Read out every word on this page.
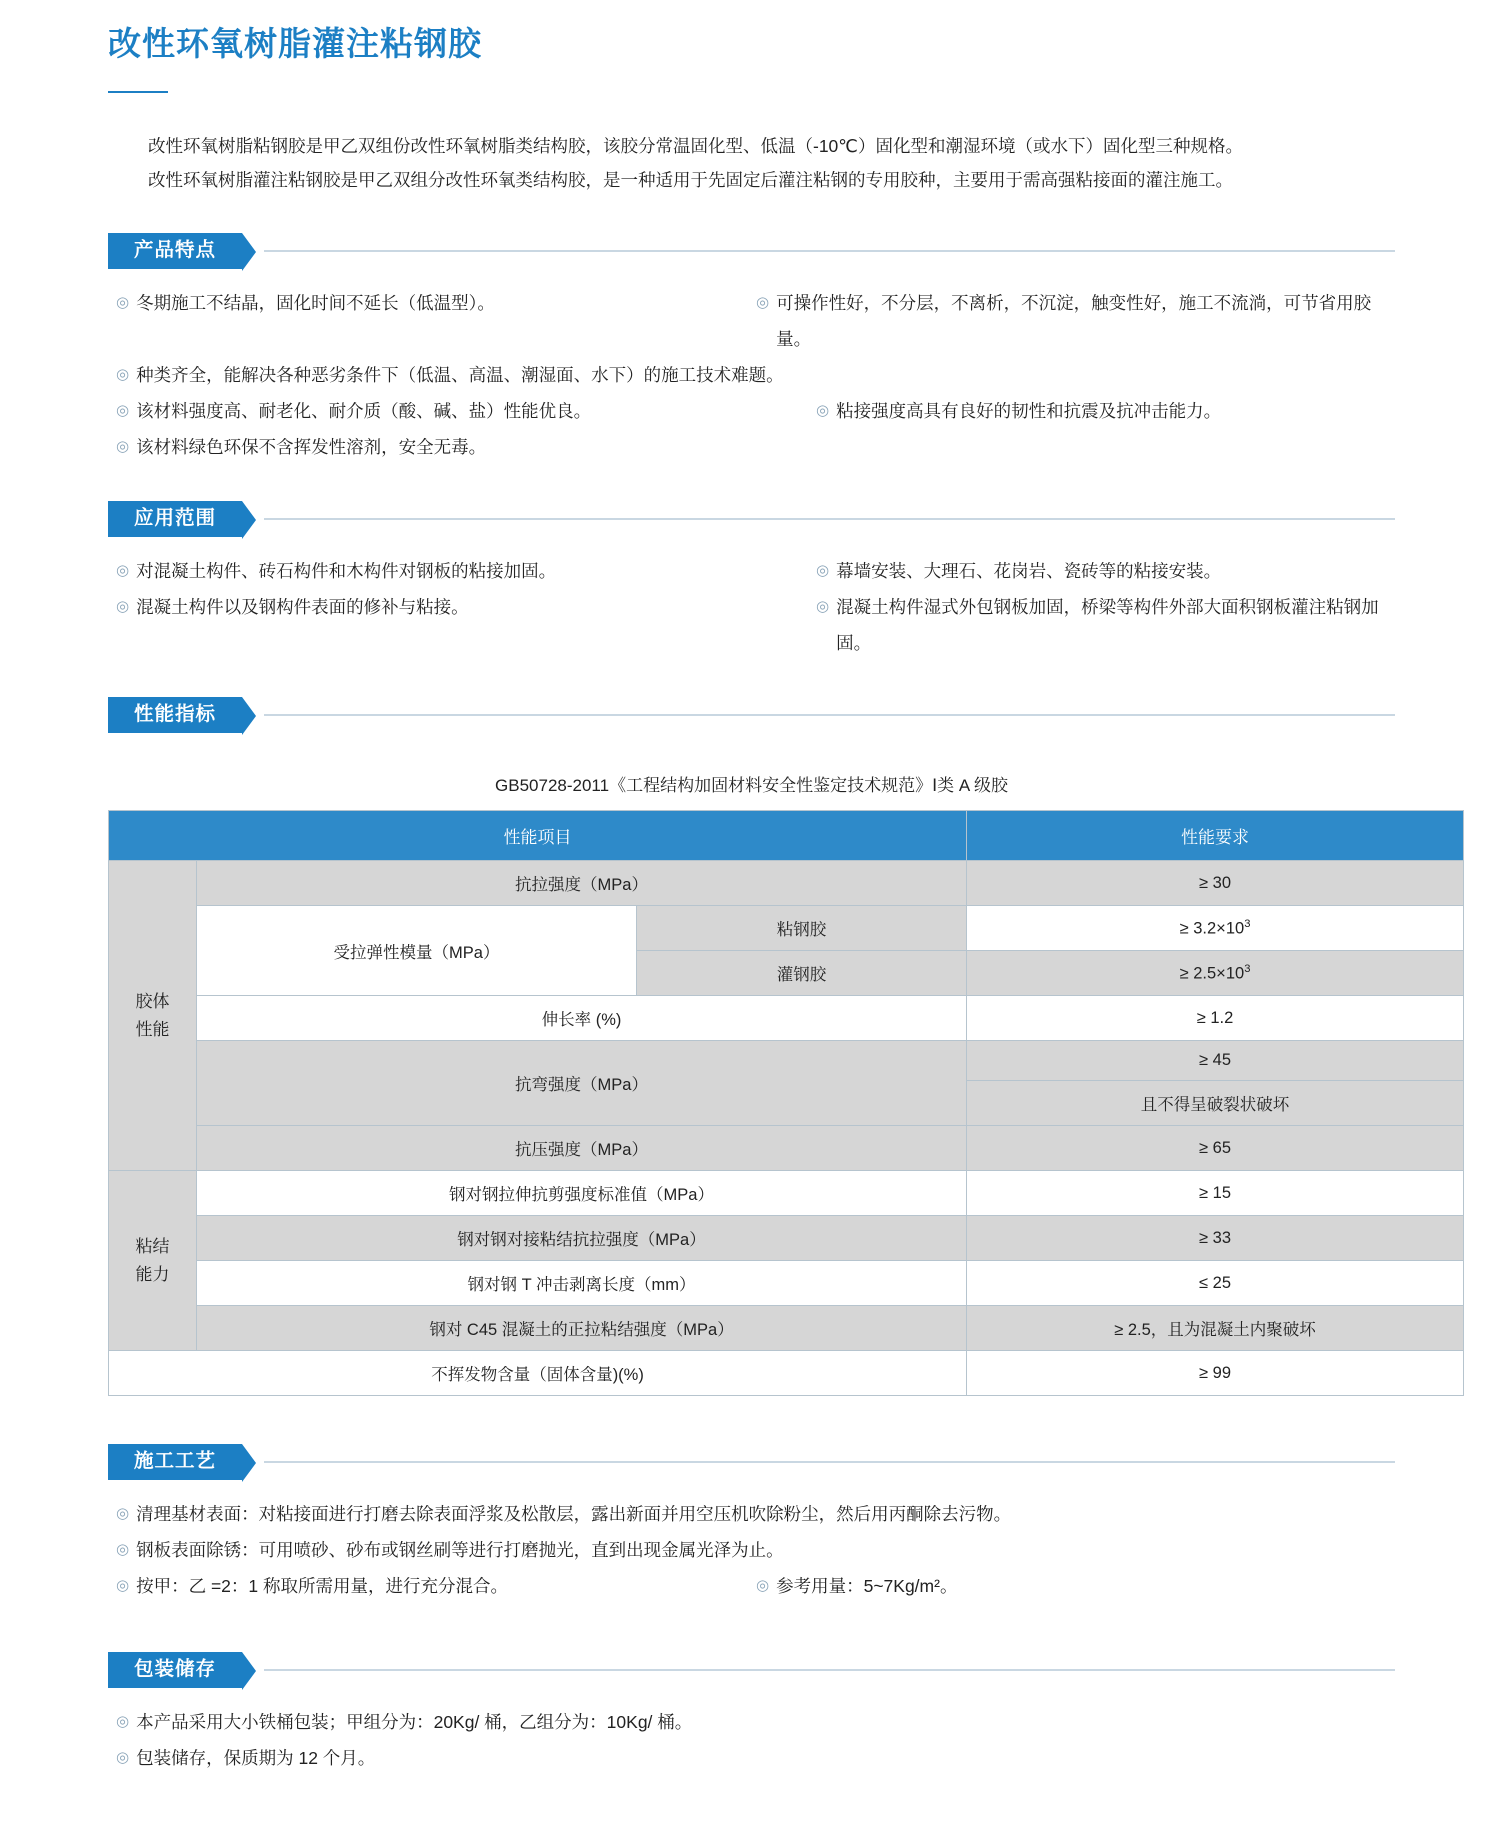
改性环氧树脂灌注粘钢胶

改性环氧树脂粘钢胶是甲乙双组份改性环氧树脂类结构胶，该胶分常温固化型、低温（-10℃）固化型和潮湿环境（或水下）固化型三种规格。

改性环氧树脂灌注粘钢胶是甲乙双组分改性环氧类结构胶，是一种适用于先固定后灌注粘钢的专用胶种，主要用于需高强粘接面的灌注施工。

产品特点
◎ 冬期施工不结晶，固化时间不延长（低温型）。	◎ 可操作性好，不分层，不离析，不沉淀，触变性好，施工不流淌，可节省用胶量。
◎ 种类齐全，能解决各种恶劣条件下（低温、高温、潮湿面、水下）的施工技术难题。
◎ 该材料强度高、耐老化、耐介质（酸、碱、盐）性能优良。	◎ 粘接强度高具有良好的韧性和抗震及抗冲击能力。
◎ 该材料绿色环保不含挥发性溶剂，安全无毒。
应用范围
◎ 对混凝土构件、砖石构件和木构件对钢板的粘接加固。	◎ 幕墙安装、大理石、花岗岩、瓷砖等的粘接安装。
◎ 混凝土构件以及钢构件表面的修补与粘接。	◎ 混凝土构件湿式外包钢板加固，桥梁等构件外部大面积钢板灌注粘钢加固。
性能指标
GB50728-2011《工程结构加固材料安全性鉴定技术规范》Ⅰ类 A 级胶
性能项目			性能要求
胶体
性能	抗拉强度（MPa）		≥ 30
	受拉弹性模量（MPa）	粘钢胶	≥ $3.2\times 10^3$
		灌钢胶	≥ $2.5\times 10^3$
	伸长率 (%)		≥ 1.2
	抗弯强度（MPa）		≥ 45
			且不得呈破裂状破坏
	抗压强度（MPa）		≥ 65
粘结
能力	钢对钢拉伸抗剪强度标准值（MPa）		≥ 15
	钢对钢对接粘结抗拉强度（MPa）		≥ 33
	钢对钢 T 冲击剥离长度（mm）		≤ 25
	钢对 C45 混凝土的正拉粘结强度（MPa）		≥ 2.5，且为混凝土内聚破坏
不挥发物含量（固体含量)(%)			≥ 99
施工工艺
◎ 清理基材表面：对粘接面进行打磨去除表面浮浆及松散层，露出新面并用空压机吹除粉尘，然后用丙酮除去污物。
◎ 钢板表面除锈：可用喷砂、砂布或钢丝刷等进行打磨抛光，直到出现金属光泽为止。
◎ 按甲：乙 =2：1 称取所需用量，进行充分混合。	◎ 参考用量：5~7Kg/m²。
包装储存
◎ 本产品采用大小铁桶包装；甲组分为：20Kg/ 桶，乙组分为：10Kg/ 桶。
◎ 包装储存，保质期为 12 个月。
